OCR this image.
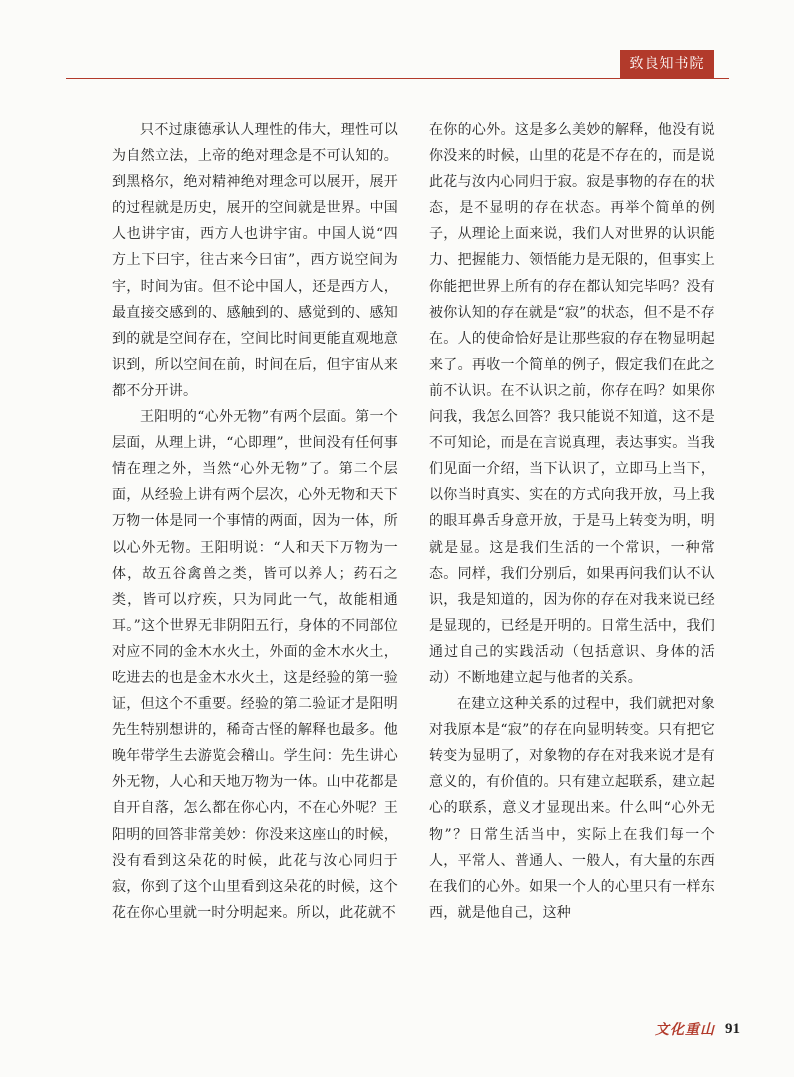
致良知书院

只不过康德承认人理性的伟大，理性可以为自然立法，上帝的绝对理念是不可认知的。到黑格尔，绝对精神绝对理念可以展开，展开的过程就是历史，展开的空间就是世界。中国人也讲宇宙，西方人也讲宇宙。中国人说“四方上下曰宇，往古来今曰宙”，西方说空间为宇，时间为宙。但不论中国人，还是西方人，最直接交感到的、感触到的、感觉到的、感知到的就是空间存在，空间比时间更能直观地意识到，所以空间在前，时间在后，但宇宙从来都不分开讲。

王阳明的“心外无物”有两个层面。第一个层面，从理上讲，“心即理”，世间没有任何事情在理之外，当然“心外无物”了。第二个层面，从经验上讲有两个层次，心外无物和天下万物一体是同一个事情的两面，因为一体，所以心外无物。王阳明说：“人和天下万物为一体，故五谷禽兽之类，皆可以养人；药石之类，皆可以疗疾，只为同此一气，故能相通耳。”这个世界无非阴阳五行，身体的不同部位对应不同的金木水火土，外面的金木水火土，吃进去的也是金木水火土，这是经验的第一验证，但这个不重要。经验的第二验证才是阳明先生特别想讲的，稀奇古怪的解释也最多。他晚年带学生去游览会稽山。学生问：先生讲心外无物，人心和天地万物为一体。山中花都是自开自落，怎么都在你心内，不在心外呢？王阳明的回答非常美妙：你没来这座山的时候，没有看到这朵花的时候，此花与汝心同归于寂，你到了这个山里看到这朵花的时候，这个花在你心里就一时分明起来。所以，此花就不

在你的心外。这是多么美妙的解释，他没有说你没来的时候，山里的花是不存在的，而是说此花与汝内心同归于寂。寂是事物的存在的状态，是不显明的存在状态。再举个简单的例子，从理论上面来说，我们人对世界的认识能力、把握能力、领悟能力是无限的，但事实上你能把世界上所有的存在都认知完毕吗？没有被你认知的存在就是“寂”的状态，但不是不存在。人的使命恰好是让那些寂的存在物显明起来了。再收一个简单的例子，假定我们在此之前不认识。在不认识之前，你存在吗？如果你问我，我怎么回答？我只能说不知道，这不是不可知论，而是在言说真理，表达事实。当我们见面一介绍，当下认识了，立即马上当下，以你当时真实、实在的方式向我开放，马上我的眼耳鼻舌身意开放，于是马上转变为明，明就是显。这是我们生活的一个常识，一种常态。同样，我们分别后，如果再问我们认不认识，我是知道的，因为你的存在对我来说已经是显现的，已经是开明的。日常生活中，我们通过自己的实践活动（包括意识、身体的活动）不断地建立起与他者的关系。

在建立这种关系的过程中，我们就把对象对我原本是“寂”的存在向显明转变。只有把它转变为显明了，对象物的存在对我来说才是有意义的，有价值的。只有建立起联系，建立起心的联系，意义才显现出来。什么叫“心外无物”？日常生活当中，实际上在我们每一个人，平常人、普通人、一般人，有大量的东西在我们的心外。如果一个人的心里只有一样东西，就是他自己，这种

文化重山 91
